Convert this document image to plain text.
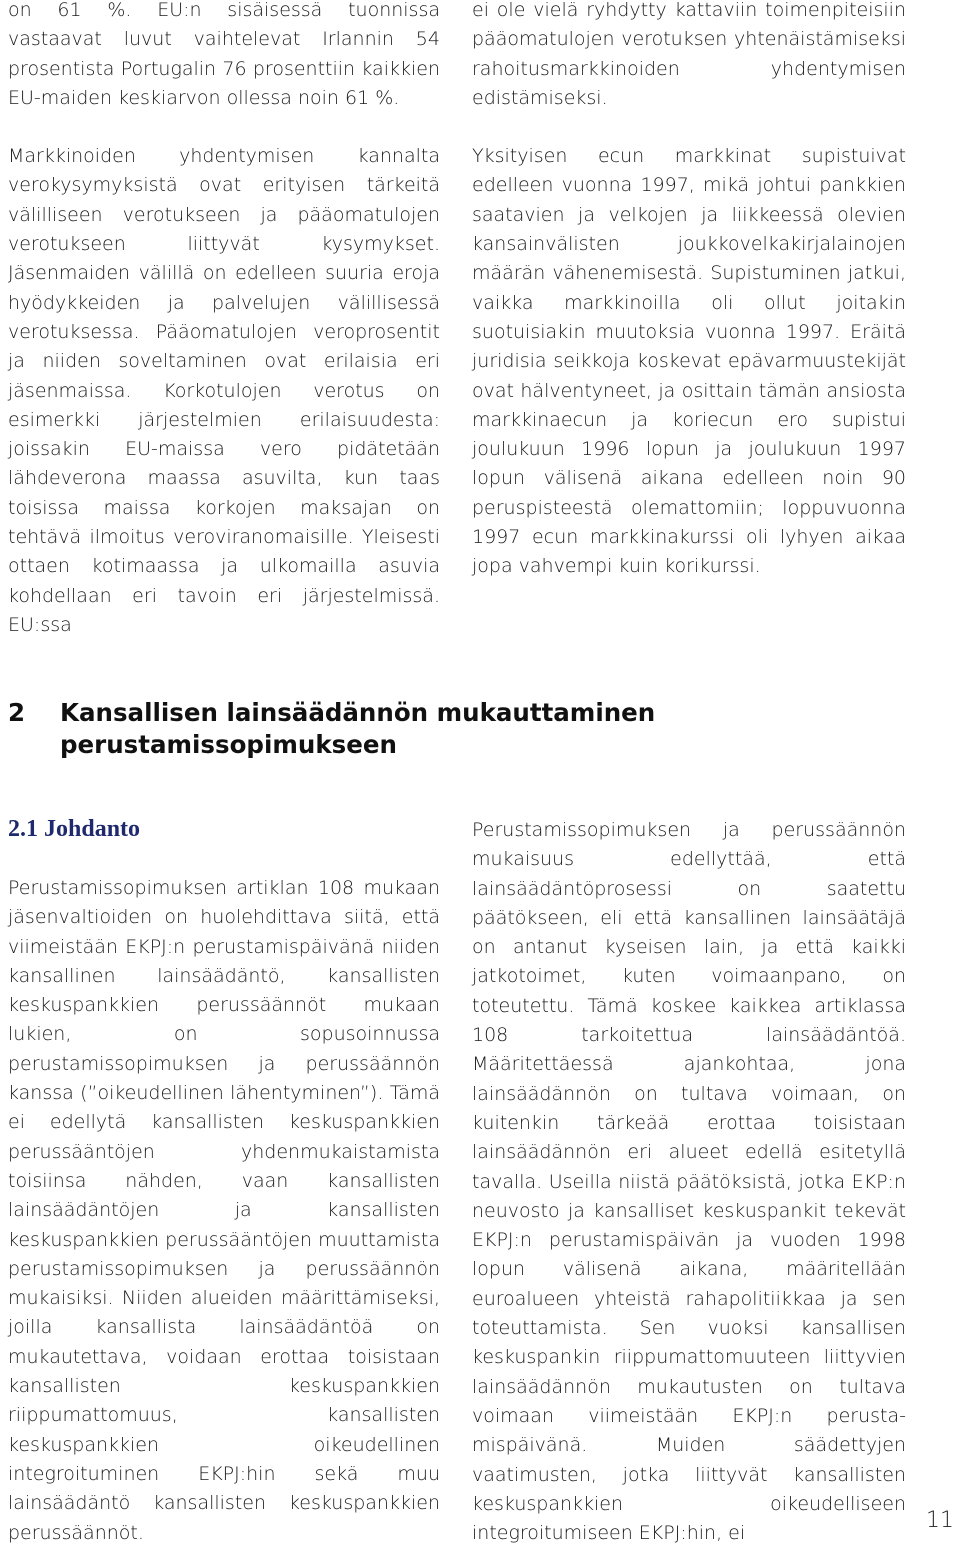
on 61 %. EU:n sisäisessä tuonnissa vastaavat luvut vaihtelevat Irlannin 54 prosentista Portugalin 76 prosenttiin kaikkien EU-maiden keskiarvon ollessa noin 61 %.

Markkinoiden yhdentymisen kannalta verokysymyksistä ovat erityisen tärkeitä välilliseen verotukseen ja pääomatulojen verotukseen liittyvät kysymykset. Jäsenmaiden välillä on edelleen suuria eroja hyödykkeiden ja palvelujen välillisessä verotuksessa. Pääomatulojen veroprosentit ja niiden soveltaminen ovat erilaisia eri jäsenmaissa. Korkotulojen verotus on esimerkki järjestelmien erilaisuudesta: joissakin EU-maissa vero pidätetään lähdeverona maassa asuvilta, kun taas toisissa maissa korkojen maksajan on tehtävä ilmoitus veroviranomaisille. Yleisesti ottaen kotimaassa ja ulkomailla asuvia kohdellaan eri tavoin eri järjestelmissä. EU:ssa

ei ole vielä ryhdytty kattaviin toimenpiteisiin pääomatulojen verotuksen yhtenäistämiseksi rahoitusmarkkinoiden yhdentymisen edistämiseksi.

Yksityisen ecun markkinat supistuivat edelleen vuonna 1997, mikä johtui pankkien saatavien ja velkojen ja liikkeessä olevien kansainvälisten joukkovelkakirjalainojen määrän vähenemisestä. Supistuminen jatkui, vaikka markkinoilla oli ollut joitakin suotuisiakin muutoksia vuonna 1997. Eräitä juridisia seikkoja koskevat epävarmuustekijät ovat hälventyneet, ja osittain tämän ansiosta markkinaecun ja koriecun ero supistui joulukuun 1996 lopun ja joulukuun 1997 lopun välisenä aikana edelleen noin 90 peruspisteestä olemattomiin; loppuvuonna 1997 ecun markkinakurssi oli lyhyen aikaa jopa vahvempi kuin korikurssi.

2	Kansallisen lainsäädännön mukauttaminen perustamissopimukseen
2.1 Johdanto

Perustamissopimuksen artiklan 108 mukaan jäsenvaltioiden on huolehdittava siitä, että viimeistään EKPJ:n perustamispäivänä niiden kansallinen lainsäädäntö, kansallisten keskuspankkien perussäännöt mukaan lukien, on sopusoinnussa perustamissopimuksen ja perussäännön kanssa (”oikeudellinen lähentyminen”). Tämä ei edellytä kansallisten keskuspankkien perussääntöjen yhdenmukaistamista toisiinsa nähden, vaan kansallisten lainsäädäntöjen ja kansallisten keskuspankkien perussääntöjen muuttamista perustamissopimuksen ja perussäännön mukaisiksi. Niiden alueiden määrittämiseksi, joilla kansallista lainsäädäntöä on mukautettava, voidaan erottaa toisistaan kansallisten keskuspankkien riippumattomuus, kansallisten keskuspankkien oikeudellinen integroituminen EKPJ:hin sekä muu lainsäädäntö kansallisten keskuspankkien perussäännöt.

Perustamissopimuksen ja perussäännön mukaisuus edellyttää, että lainsäädäntöprosessi on saatettu päätökseen, eli että kansallinen lainsäätäjä on antanut kyseisen lain, ja että kaikki jatkotoimet, kuten voimaanpano, on toteutettu. Tämä koskee kaikkea artiklassa 108 tarkoitettua lainsäädäntöä. Määritettäessä ajankohtaa, jona lainsäädännön on tultava voimaan, on kuitenkin tärkeää erottaa toisistaan lainsäädännön eri alueet edellä esitetyllä tavalla. Useilla niistä päätöksistä, jotka EKP:n neuvosto ja kansalliset keskuspankit tekevät EKPJ:n perustamispäivän ja vuoden 1998 lopun välisenä aikana, määritellään euroalueen yhteistä rahapolitiikkaa ja sen toteuttamista. Sen vuoksi kansallisen keskuspankin riippumattomuuteen liittyvien lainsäädännön mukautusten on tultava voimaan viimeistään EKPJ:n perustamispäivänä. Muiden säädettyjen vaatimusten, jotka liittyvät kansallisten keskuspankkien oikeudelliseen integroitumiseen EKPJ:hin, ei

11
